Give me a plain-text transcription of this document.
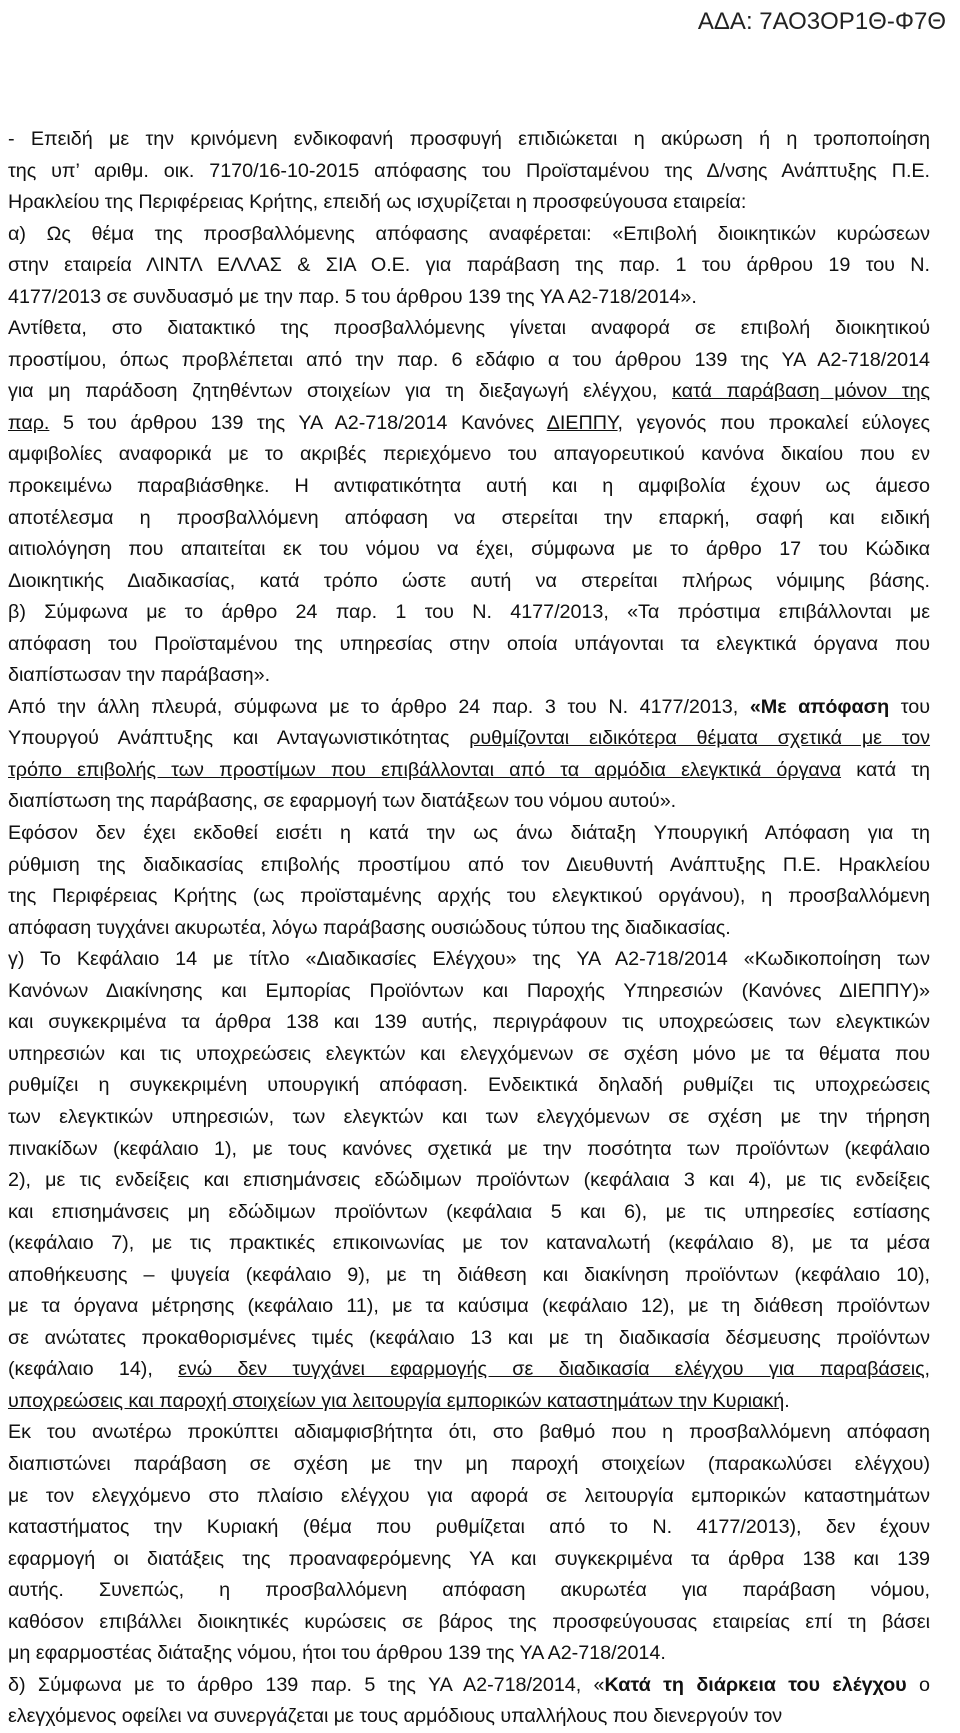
ΑΔΑ: 7ΑΟ3ΟΡ1Θ-Φ7Θ
- Επειδή με την κρινόμενη ενδικοφανή προσφυγή επιδιώκεται η ακύρωση ή η τροποποίηση
της υπ’ αριθμ. οικ. 7170/16-10-2015 απόφασης του Προϊσταμένου της Δ/νσης Ανάπτυξης Π.Ε.
Ηρακλείου της Περιφέρειας Κρήτης, επειδή ως ισχυρίζεται η προσφεύγουσα εταιρεία:
α) Ως θέμα της προσβαλλόμενης απόφασης αναφέρεται: «Επιβολή διοικητικών κυρώσεων
στην εταιρεία ΛΙΝΤΛ ΕΛΛΑΣ & ΣΙΑ Ο.Ε. για παράβαση της παρ. 1 του άρθρου 19 του Ν.
4177/2013 σε συνδυασμό με την παρ. 5 του άρθρου 139 της ΥΑ Α2-718/2014».
Αντίθετα, στο διατακτικό της προσβαλλόμενης γίνεται αναφορά σε επιβολή διοικητικού
προστίμου, όπως προβλέπεται από την παρ. 6 εδάφιο α του άρθρου 139 της ΥΑ Α2-718/2014
για μη παράδοση ζητηθέντων στοιχείων για τη διεξαγωγή ελέγχου, κατά παράβαση μόνον της
παρ. 5 του άρθρου 139 της ΥΑ Α2-718/2014 Κανόνες ΔΙΕΠΠΥ, γεγονός που προκαλεί εύλογες
αμφιβολίες αναφορικά με το ακριβές περιεχόμενο του απαγορευτικού κανόνα δικαίου που εν
προκειμένω παραβιάσθηκε. Η αντιφατικότητα αυτή και η αμφιβολία έχουν ως άμεσο
αποτέλεσμα η προσβαλλόμενη απόφαση να στερείται την επαρκή, σαφή και ειδική
αιτιολόγηση που απαιτείται εκ του νόμου να έχει, σύμφωνα με το άρθρο 17 του Κώδικα
Διοικητικής Διαδικασίας, κατά τρόπο ώστε αυτή να στερείται πλήρως νόμιμης βάσης.
β) Σύμφωνα με το άρθρο 24 παρ. 1 του Ν. 4177/2013, «Τα πρόστιμα επιβάλλονται με
απόφαση του Προϊσταμένου της υπηρεσίας στην οποία υπάγονται τα ελεγκτικά όργανα που
διαπίστωσαν την παράβαση».
Από την άλλη πλευρά, σύμφωνα με το άρθρο 24 παρ. 3 του Ν. 4177/2013, «Με απόφαση του
Υπουργού Ανάπτυξης και Ανταγωνιστικότητας ρυθμίζονται ειδικότερα θέματα σχετικά με τον
τρόπο επιβολής των προστίμων που επιβάλλονται από τα αρμόδια ελεγκτικά όργανα κατά τη
διαπίστωση της παράβασης, σε εφαρμογή των διατάξεων του νόμου αυτού».
Εφόσον δεν έχει εκδοθεί εισέτι η κατά την ως άνω διάταξη Υπουργική Απόφαση για τη
ρύθμιση της διαδικασίας επιβολής προστίμου από τον Διευθυντή Ανάπτυξης Π.Ε. Ηρακλείου
της Περιφέρειας Κρήτης (ως προϊσταμένης αρχής του ελεγκτικού οργάνου), η προσβαλλόμενη
απόφαση τυγχάνει ακυρωτέα, λόγω παράβασης ουσιώδους τύπου της διαδικασίας.
γ) Το Κεφάλαιο 14 με τίτλο «Διαδικασίες Ελέγχου» της ΥΑ Α2-718/2014 «Κωδικοποίηση των
Κανόνων Διακίνησης και Εμπορίας Προϊόντων και Παροχής Υπηρεσιών (Κανόνες ΔΙΕΠΠΥ)»
και συγκεκριμένα τα άρθρα 138 και 139 αυτής, περιγράφουν τις υποχρεώσεις των ελεγκτικών
υπηρεσιών και τις υποχρεώσεις ελεγκτών και ελεγχόμενων σε σχέση μόνο με τα θέματα που
ρυθμίζει η συγκεκριμένη υπουργική απόφαση. Ενδεικτικά δηλαδή ρυθμίζει τις υποχρεώσεις
των ελεγκτικών υπηρεσιών, των ελεγκτών και των ελεγχόμενων σε σχέση με την τήρηση
πινακίδων (κεφάλαιο 1), με τους κανόνες σχετικά με την ποσότητα των προϊόντων (κεφάλαιο
2), με τις ενδείξεις και επισημάνσεις εδώδιμων προϊόντων (κεφάλαια 3 και 4), με τις ενδείξεις
και επισημάνσεις μη εδώδιμων προϊόντων (κεφάλαια 5 και 6), με τις υπηρεσίες εστίασης
(κεφάλαιο 7), με τις πρακτικές επικοινωνίας με τον καταναλωτή (κεφάλαιο 8), με τα μέσα
αποθήκευσης – ψυγεία (κεφάλαιο 9), με τη διάθεση και διακίνηση προϊόντων (κεφάλαιο 10),
με τα όργανα μέτρησης (κεφάλαιο 11), με τα καύσιμα (κεφάλαιο 12), με τη διάθεση προϊόντων
σε ανώτατες προκαθορισμένες τιμές (κεφάλαιο 13 και με τη διαδικασία δέσμευσης προϊόντων
(κεφάλαιο 14), ενώ δεν τυγχάνει εφαρμογής σε διαδικασία ελέγχου για παραβάσεις,
υποχρεώσεις και παροχή στοιχείων για λειτουργία εμπορικών καταστημάτων την Κυριακή.
Εκ του ανωτέρω προκύπτει αδιαμφισβήτητα ότι, στο βαθμό που η προσβαλλόμενη απόφαση
διαπιστώνει παράβαση σε σχέση με την μη παροχή στοιχείων (παρακωλύσει ελέγχου)
με τον ελεγχόμενο στο πλαίσιο ελέγχου για αφορά σε λειτουργία εμπορικών καταστημάτων
καταστήματος την Κυριακή (θέμα που ρυθμίζεται από το Ν. 4177/2013), δεν έχουν
εφαρμογή οι διατάξεις της προαναφερόμενης ΥΑ και συγκεκριμένα τα άρθρα 138 και 139
αυτής. Συνεπώς, η προσβαλλόμενη απόφαση ακυρωτέα για παράβαση νόμου,
καθόσον επιβάλλει διοικητικές κυρώσεις σε βάρος της προσφεύγουσας εταιρείας επί τη βάσει
μη εφαρμοστέας διάταξης νόμου, ήτοι του άρθρου 139 της ΥΑ Α2-718/2014.
δ) Σύμφωνα με το άρθρο 139 παρ. 5 της ΥΑ Α2-718/2014, «Κατά τη διάρκεια του ελέγχου ο
ελεγχόμενος οφείλει να συνεργάζεται με τους αρμόδιους υπαλλήλους που διενεργούν τον
